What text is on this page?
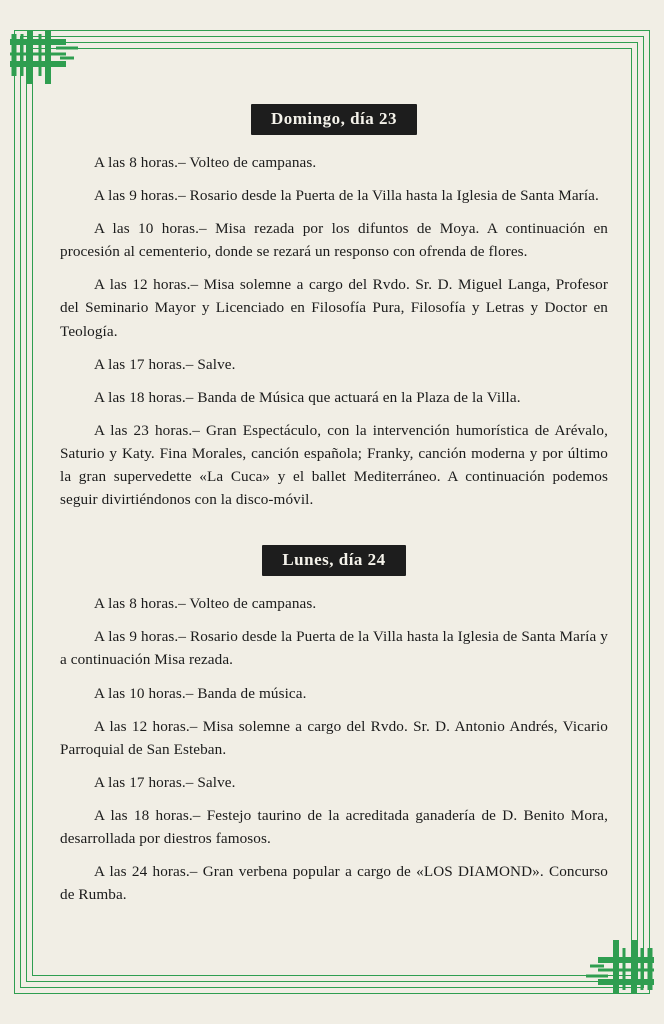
Domingo, día 23

A las 8 horas.– Volteo de campanas.

A las 9 horas.– Rosario desde la Puerta de la Villa hasta la Iglesia de Santa María.

A las 10 horas.– Misa rezada por los difuntos de Moya. A continuación en procesión al cementerio, donde se rezará un responso con ofrenda de flores.

A las 12 horas.– Misa solemne a cargo del Rvdo. Sr. D. Miguel Langa, Profesor del Seminario Mayor y Licenciado en Filosofía Pura, Filosofía y Letras y Doctor en Teología.

A las 17 horas.– Salve.

A las 18 horas.– Banda de Música que actuará en la Plaza de la Villa.

A las 23 horas.– Gran Espectáculo, con la intervención humorística de Arévalo, Saturio y Katy. Fina Morales, canción española; Franky, canción moderna y por último la gran supervedette «La Cuca» y el ballet Mediterráneo. A continuación podemos seguir divirtiéndonos con la disco-móvil.

Lunes, día 24

A las 8 horas.– Volteo de campanas.

A las 9 horas.– Rosario desde la Puerta de la Villa hasta la Iglesia de Santa María y a continuación Misa rezada.

A las 10 horas.– Banda de música.

A las 12 horas.– Misa solemne a cargo del Rvdo. Sr. D. Antonio Andrés, Vicario Parroquial de San Esteban.

A las 17 horas.– Salve.

A las 18 horas.– Festejo taurino de la acreditada ganadería de D. Benito Mora, desarrollada por diestros famosos.

A las 24 horas.– Gran verbena popular a cargo de «LOS DIAMOND». Concurso de Rumba.
